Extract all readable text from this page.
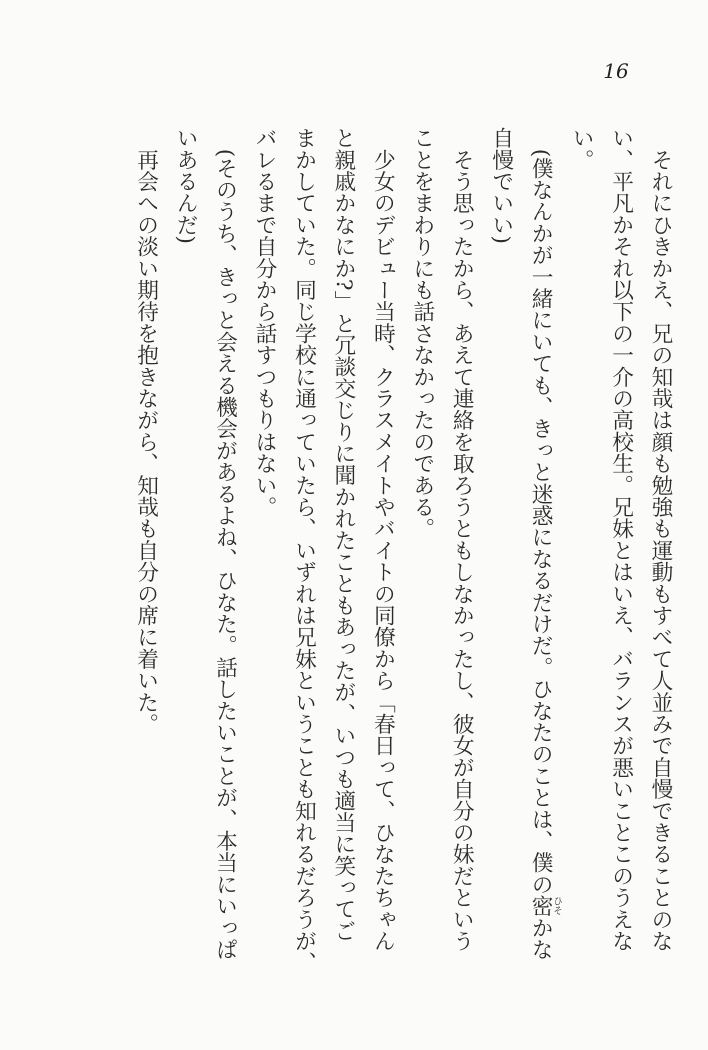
16
　それにひきかえ、兄の知哉は顔も勉強も運動もすべて人並みで自慢できることのな
い、平凡かそれ以下の一介の高校生。兄妹とはいえ、バランスが悪いことこのうえな
い。
　(僕なんかが一緒にいても、きっと迷惑になるだけだ。ひなたのことは、僕の密ひそかな
自慢でいい)
　そう思ったから、あえて連絡を取ろうともしなかったし、彼女が自分の妹だという
ことをまわりにも話さなかったのである。
　少女のデビュー当時、クラスメイトやバイトの同僚から「春日って、ひなたちゃん
と親戚かなにか?」と冗談交じりに聞かれたこともあったが、いつも適当に笑ってご
まかしていた。同じ学校に通っていたら、いずれは兄妹ということも知れるだろうが、
バレるまで自分から話すつもりはない。
　(そのうち、きっと会える機会があるよね、ひなた。話したいことが、本当にいっぱ
いあるんだ)
　再会への淡い期待を抱きながら、知哉も自分の席に着いた。
